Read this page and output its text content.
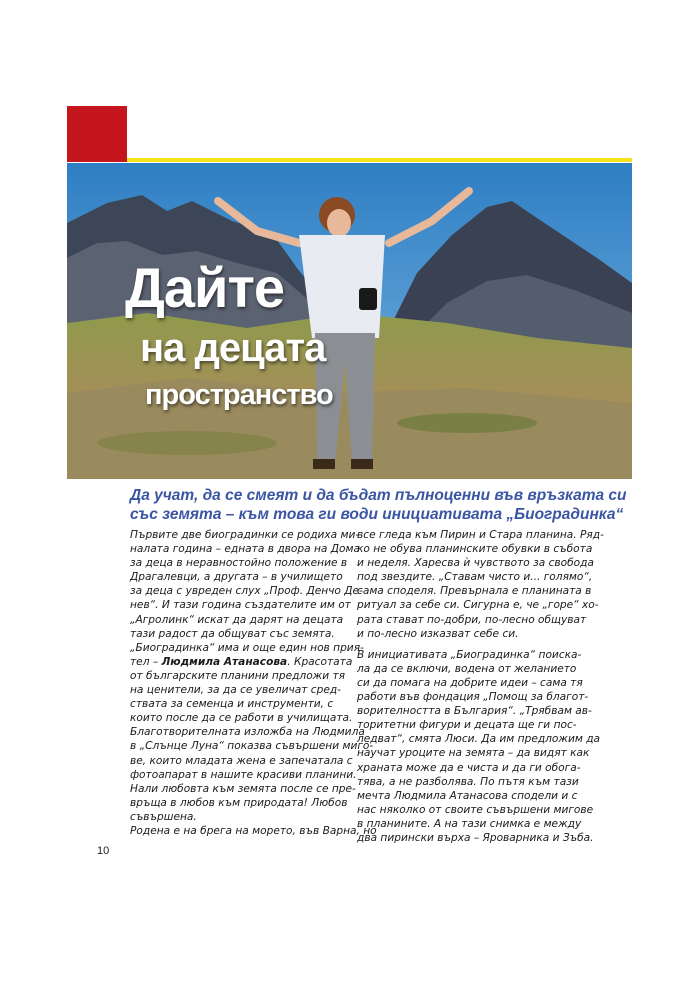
Дайте
на децата
пространство
Да учат, да се смеят и да бъдат пълноценни във връзката си
със земята – към това ги води инициативата „Биоградинка“

Първите две биоградинки се родиха ми-

налата година – едната в двора на Дома

за деца в неравностойно положение в

Драгалевци, а другата – в училището

за деца с увреден слух „Проф. Денчо Де-

нев“. И тази година създателите им от

„Агролинк“ искат да дарят на децата

тази радост да общуват със земята.

„Биоградинка“ има и още един нов прия-

тел – Людмила Атанасова. Красотата

от българските планини предложи тя

на ценители, за да се увеличат сред-

ствата за семенца и инструменти, с

които после да се работи в училищата.

Благотворителната изложба на Людмила

в „Слънце Луна“ показва съвършени миго-

ве, които младата жена е запечатала с

фотоапарат в нашите красиви планини.

Нали любовта към земята после се пре-

връща в любов към природата! Любов

съвършена.

Родена е на брега на морето, във Варна, но

все гледа към Пирин и Стара планина. Ряд-

ко не обува планинските обувки в събота

и неделя. Харесва ѝ чувството за свобода

под звездите. „Ставам чисто и... голямо“,

сама споделя. Превърнала е планината в

ритуал за себе си. Сигурна е, че „горе“ хо-

рата стават по-добри, по-лесно общуват

и по-лесно изказват себе си.

В инициативата „Биоградинка“ поиска-

ла да се включи, водена от желанието

си да помага на добрите идеи – сама тя

работи във фондация „Помощ за благот-

ворителността в България“. „Трябвам ав-

торитетни фигури и децата ще ги пос-

ледват“, смята Люси. Да им предложим да

научат уроците на земята – да видят как

храната може да е чиста и да ги обога-

тява, а не разболява. По пътя към тази

мечта Людмила Атанасова сподели и с

нас няколко от своите съвършени мигове

в планините. А на тази снимка е между

два пирински върха – Яроварника и Зъба.

10
